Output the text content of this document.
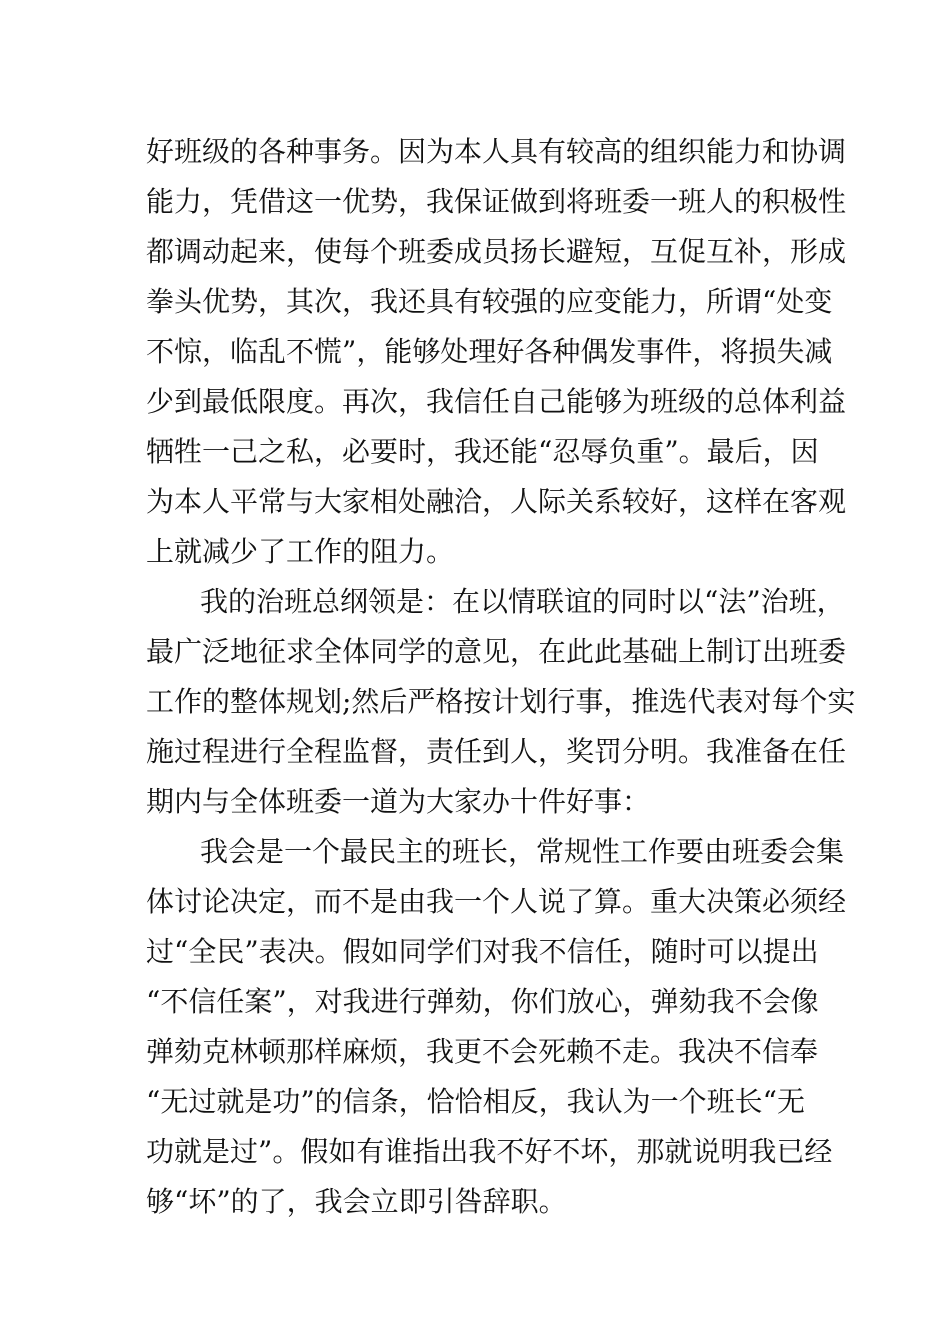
好班级的各种事务。因为本人具有较高的组织能力和协调

能力，凭借这一优势，我保证做到将班委一班人的积极性

都调动起来，使每个班委成员扬长避短，互促互补，形成

拳头优势，其次，我还具有较强的应变能力，所谓“处变

不惊，临乱不慌”，能够处理好各种偶发事件，将损失减

少到最低限度。再次，我信任自己能够为班级的总体利益

牺牲一己之私，必要时，我还能“忍辱负重”。最后，因

为本人平常与大家相处融洽，人际关系较好，这样在客观

上就减少了工作的阻力。

我的治班总纲领是：在以情联谊的同时以“法”治班，

最广泛地征求全体同学的意见，在此此基础上制订出班委

工作的整体规划;然后严格按计划行事，推选代表对每个实

施过程进行全程监督，责任到人，奖罚分明。我准备在任

期内与全体班委一道为大家办十件好事：

我会是一个最民主的班长，常规性工作要由班委会集

体讨论决定，而不是由我一个人说了算。重大决策必须经

过“全民”表决。假如同学们对我不信任，随时可以提出

“不信任案”，对我进行弹劾，你们放心，弹劾我不会像

弹劾克林顿那样麻烦，我更不会死赖不走。我决不信奉

“无过就是功”的信条，恰恰相反，我认为一个班长“无

功就是过”。假如有谁指出我不好不坏，那就说明我已经

够“坏”的了，我会立即引咎辞职。
